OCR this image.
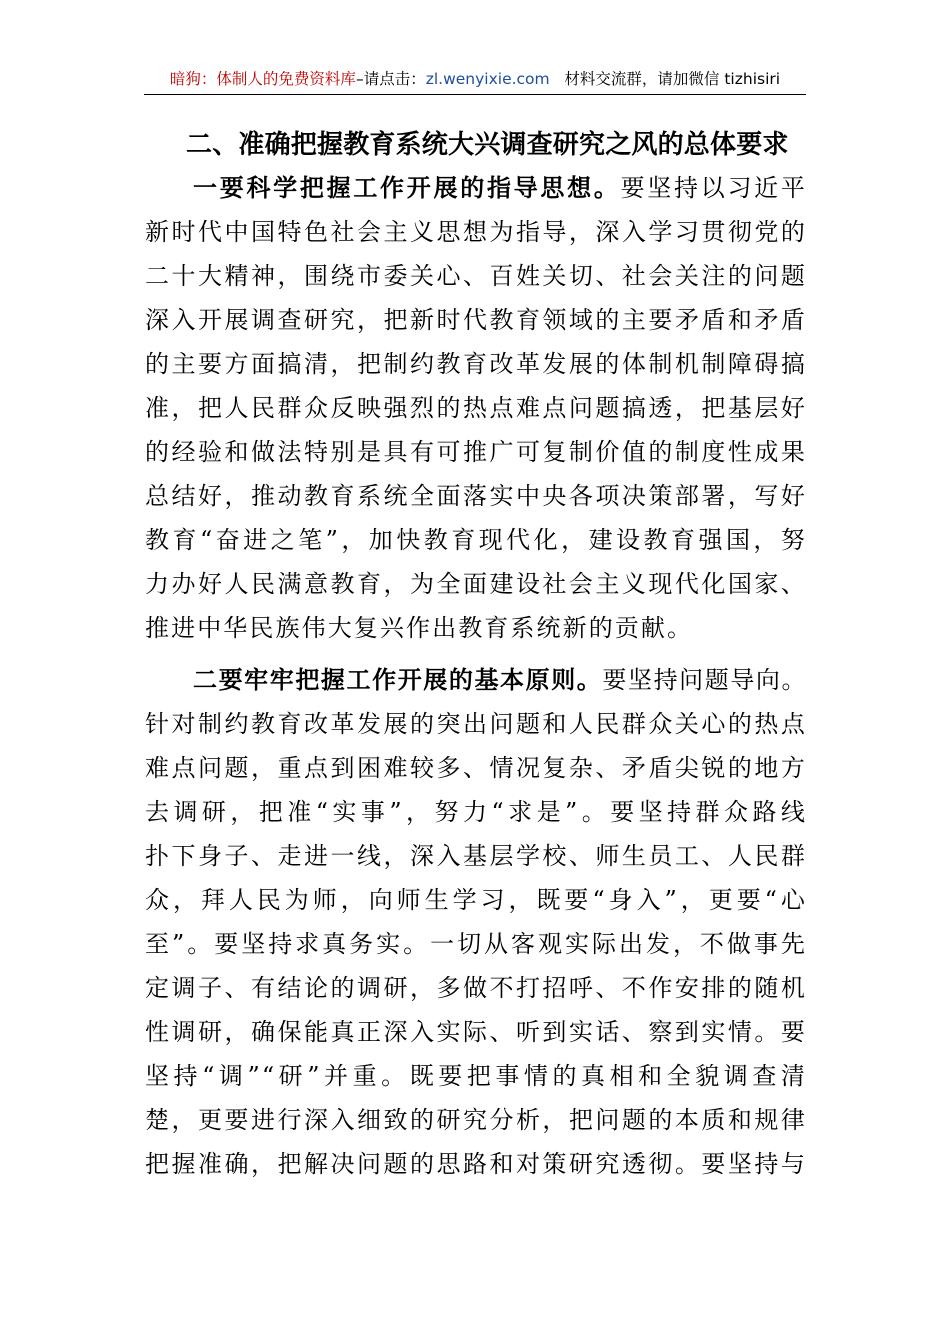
暗狗：体制人的免费资料库–请点击：zl.wenyixie.com 材料交流群，请加微信 tizhisiri
二、准确把握教育系统大兴调查研究之风的总体要求
一要科学把握工作开展的指导思想。要坚持以习近平
新时代中国特色社会主义思想为指导，深入学习贯彻党的
二十大精神，围绕市委关心、百姓关切、社会关注的问题
深入开展调查研究，把新时代教育领域的主要矛盾和矛盾
的主要方面搞清，把制约教育改革发展的体制机制障碍搞
准，把人民群众反映强烈的热点难点问题搞透，把基层好
的经验和做法特别是具有可推广可复制价值的制度性成果
总结好，推动教育系统全面落实中央各项决策部署，写好
教育“奋进之笔”，加快教育现代化，建设教育强国，努
力办好人民满意教育，为全面建设社会主义现代化国家、
推进中华民族伟大复兴作出教育系统新的贡献。
二要牢牢把握工作开展的基本原则。要坚持问题导向。
针对制约教育改革发展的突出问题和人民群众关心的热点
难点问题，重点到困难较多、情况复杂、矛盾尖锐的地方
去调研，把准“实事”，努力“求是”。要坚持群众路线
扑下身子、走进一线，深入基层学校、师生员工、人民群
众，拜人民为师，向师生学习，既要“身入”，更要“心
至”。要坚持求真务实。一切从客观实际出发，不做事先
定调子、有结论的调研，多做不打招呼、不作安排的随机
性调研，确保能真正深入实际、听到实话、察到实情。要
坚持“调”“研”并重。既要把事情的真相和全貌调查清
楚，更要进行深入细致的研究分析，把问题的本质和规律
把握准确，把解决问题的思路和对策研究透彻。要坚持与
